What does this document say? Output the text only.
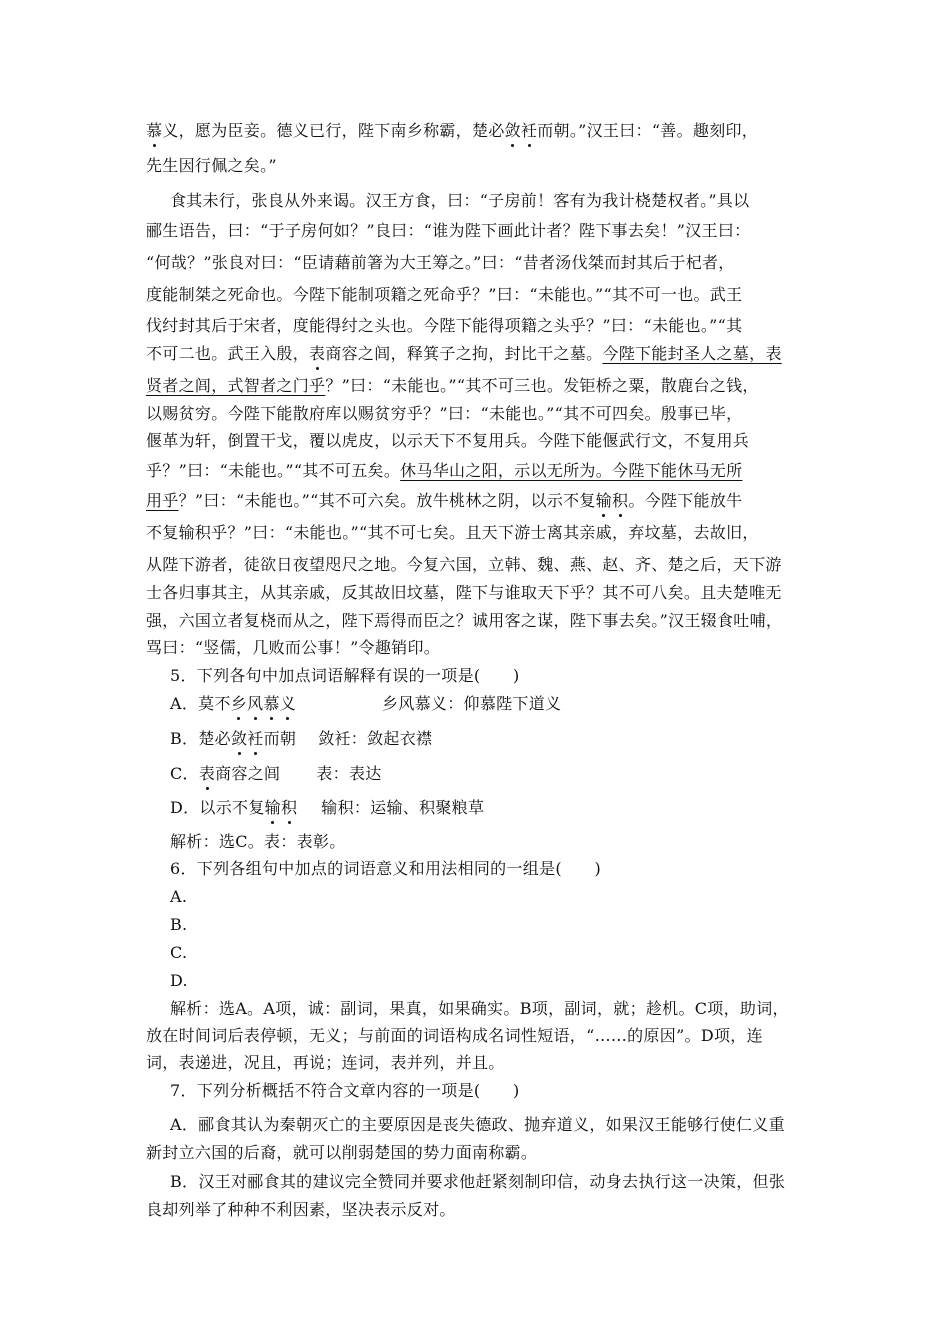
慕义，愿为臣妾。德义已行，陛下南乡称霸，楚必敛衽而朝。”汉王曰：“善。趣刻印，
先生因行佩之矣。”
食其未行，张良从外来谒。汉王方食，曰：“子房前！客有为我计桡楚权者。”具以
郦生语告，曰：“于子房何如？”良曰：“谁为陛下画此计者？陛下事去矣！”汉王曰：
“何哉？”张良对曰：“臣请藉前箸为大王筹之。”曰：“昔者汤伐桀而封其后于杞者，
度能制桀之死命也。今陛下能制项籍之死命乎？”曰：“未能也。”“其不可一也。武王
伐纣封其后于宋者，度能得纣之头也。今陛下能得项籍之头乎？”曰：“未能也。”“其
不可二也。武王入殷，表商容之闾，释箕子之拘，封比干之墓。今陛下能封圣人之墓，表
贤者之闾，式智者之门乎？”曰：“未能也。”“其不可三也。发钜桥之粟，散鹿台之钱，
以赐贫穷。今陛下能散府库以赐贫穷乎？”曰：“未能也。”“其不可四矣。殷事已毕，
偃革为轩，倒置干戈，覆以虎皮，以示天下不复用兵。今陛下能偃武行文，不复用兵
乎？”曰：“未能也。”“其不可五矣。休马华山之阳，示以无所为。今陛下能休马无所
用乎？”曰：“未能也。”“其不可六矣。放牛桃林之阴，以示不复输积。今陛下能放牛
不复输积乎？”曰：“未能也。”“其不可七矣。且天下游士离其亲戚，弃坟墓，去故旧，
从陛下游者，徒欲日夜望咫尺之地。今复六国，立韩、魏、燕、赵、齐、楚之后，天下游
士各归事其主，从其亲戚，反其故旧坟墓，陛下与谁取天下乎？其不可八矣。且夫楚唯无
强，六国立者复桡而从之，陛下焉得而臣之？诚用客之谋，陛下事去矣。”汉王辍食吐哺，
骂曰：“竖儒，几败而公事！”令趣销印。
5．下列各句中加点词语解释有误的一项是(　　)
A．莫不乡风慕义	乡风慕义：仰慕陛下道义
B．楚必敛衽而朝 敛衽：敛起衣襟
C．表商容之闾 表：表达
D．以示不复输积 输积：运输、积聚粮草
解析：选C。表：表彰。
6．下列各组句中加点的词语意义和用法相同的一组是(　　)
A.
B.
C.
D.
解析：选A。A项，诚：副词，果真，如果确实。B项，副词，就；趁机。C项，助词，
放在时间词后表停顿，无义；与前面的词语构成名词性短语，“……的原因”。D项，连
词，表递进，况且，再说；连词，表并列，并且。
7．下列分析概括不符合文章内容的一项是(　　)
A．郦食其认为秦朝灭亡的主要原因是丧失德政、抛弃道义，如果汉王能够行使仁义重
新封立六国的后裔，就可以削弱楚国的势力面南称霸。
B．汉王对郦食其的建议完全赞同并要求他赶紧刻制印信，动身去执行这一决策，但张
良却列举了种种不利因素，坚决表示反对。
